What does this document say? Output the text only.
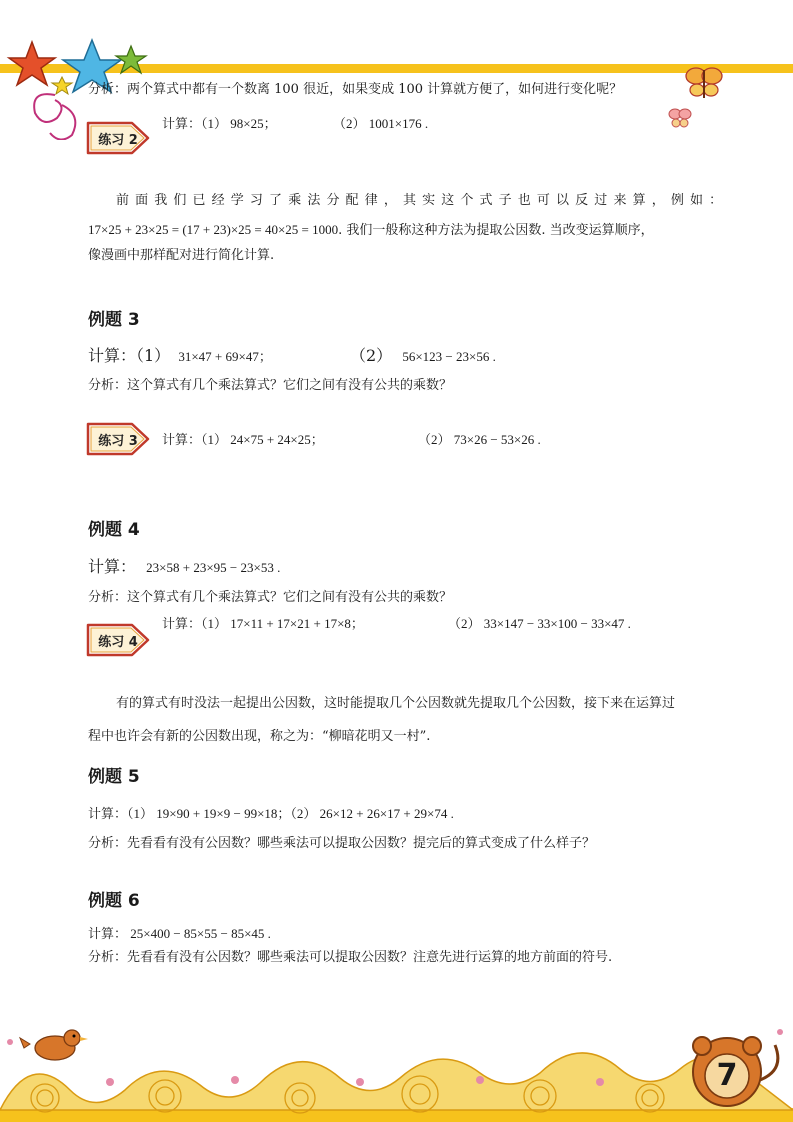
分析：两个算式中都有一个数离 100 很近，如果变成 100 计算就方便了，如何进行变化呢？
练习 2
计算：（1） 98×25；	（2） 1001×176 .
前 面 我 们 已 经 学 习 了 乘 法 分 配 律 ， 其 实 这 个 式 子 也 可 以 反 过 来 算 ， 例 如 ：
17×25 + 23×25 = (17 + 23)×25 = 40×25 = 1000. 我们一般称这种方法为提取公因数. 当改变运算顺序，
像漫画中那样配对进行简化计算.
例题 3
计算：（1） 31×47 + 69×47；	（2） 56×123 − 23×56 .
分析：这个算式有几个乘法算式？它们之间有没有公共的乘数？
练习 3	计算：（1） 24×75 + 24×25；	（2） 73×26 − 53×26 .
例题 4
计算： 23×58 + 23×95 − 23×53 .
分析：这个算式有几个乘法算式？它们之间有没有公共的乘数？
练习 4
计算：（1） 17×11 + 17×21 + 17×8；	（2） 33×147 − 33×100 − 33×47 .
有的算式有时没法一起提出公因数，这时能提取几个公因数就先提取几个公因数，接下来在运算过
程中也许会有新的公因数出现，称之为：“柳暗花明又一村”.
例题 5
计算：（1） 19×90 + 19×9 − 99×18；（2） 26×12 + 26×17 + 29×74 .
分析：先看看有没有公因数？哪些乘法可以提取公因数？提完后的算式变成了什么样子？
例题 6
计算： 25×400 − 85×55 − 85×45 .
分析：先看看有没有公因数？哪些乘法可以提取公因数？注意先进行运算的地方前面的符号.
7
